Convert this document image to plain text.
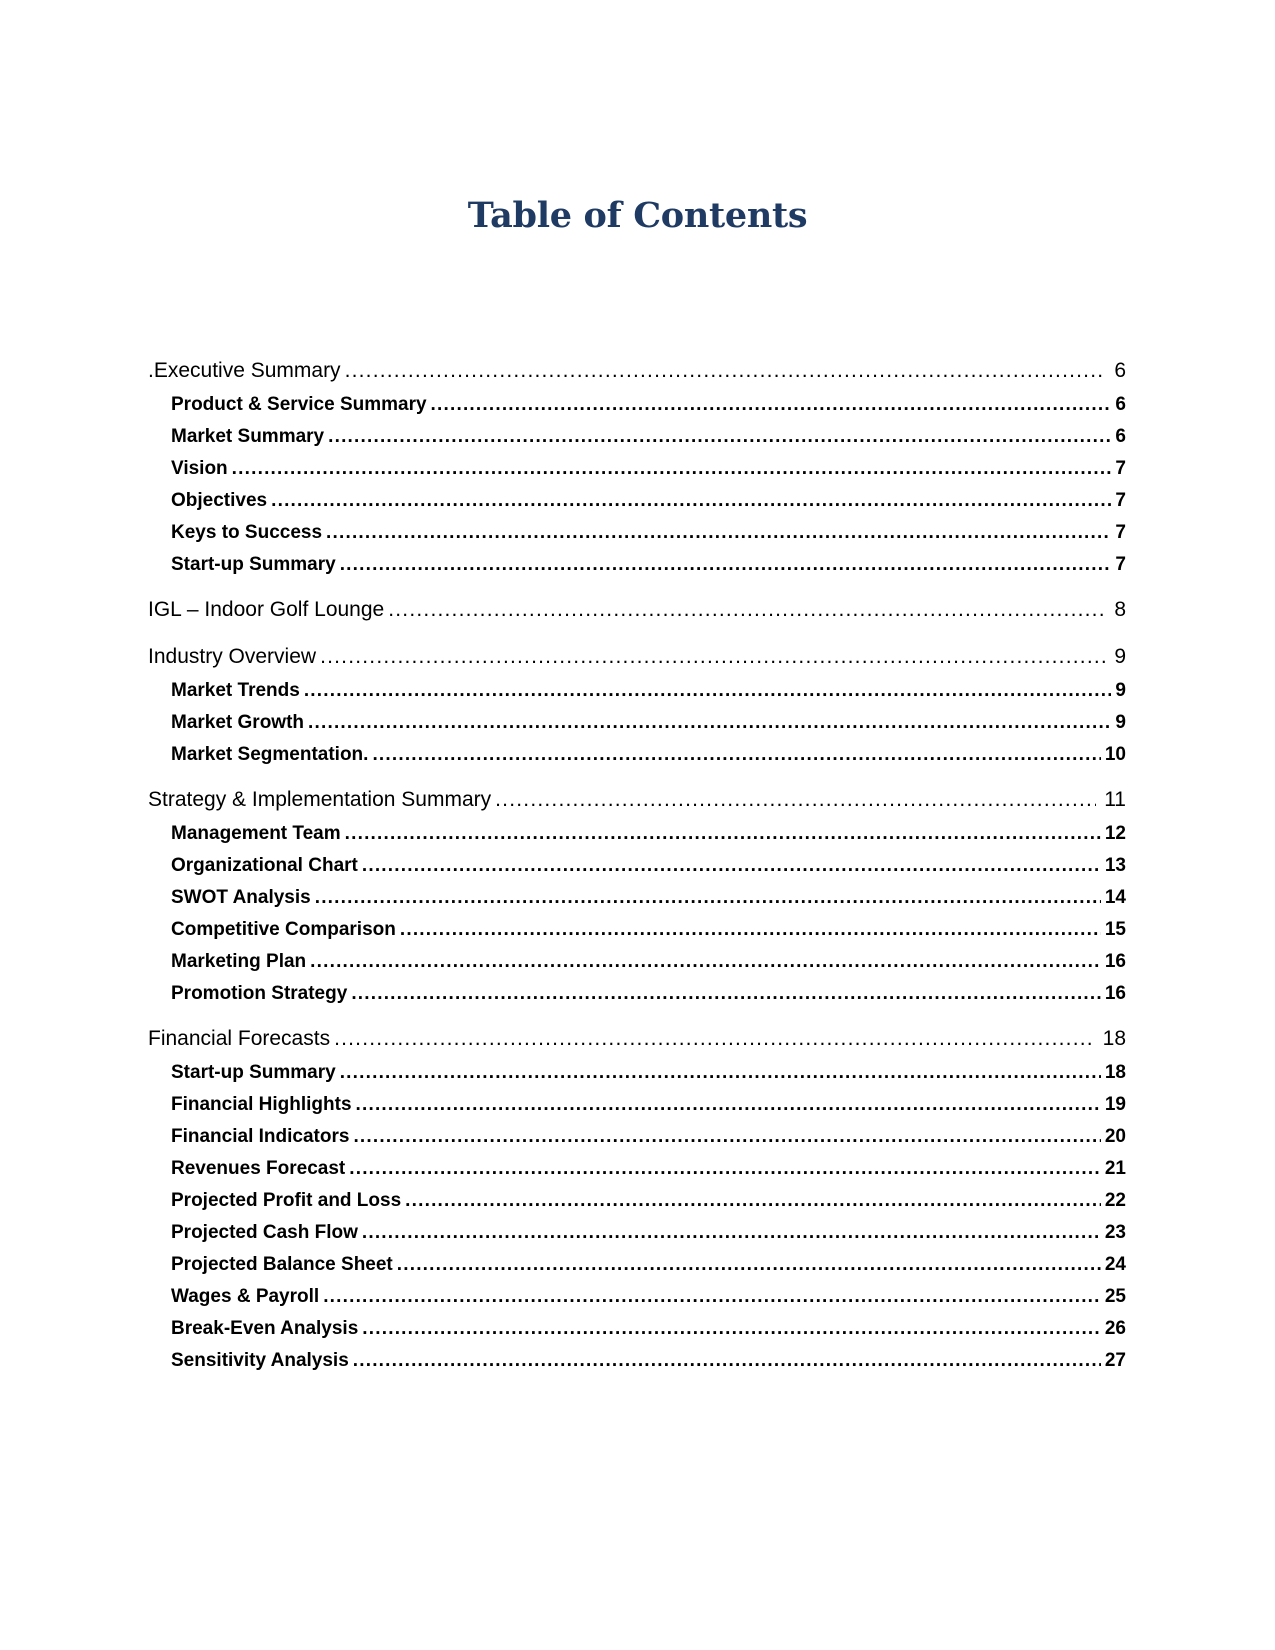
Table of Contents
.Executive Summary .....	6
Product & Service Summary .....	6
Market Summary .....	6
Vision .....	7
Objectives .....	7
Keys to Success .....	7
Start-up Summary .....	7
IGL – Indoor Golf Lounge .....	8
Industry Overview .....	9
Market Trends .....	9
Market Growth .....	9
Market Segmentation. .....	10
Strategy & Implementation Summary .....	11
Management Team .....	12
Organizational Chart .....	13
SWOT Analysis .....	14
Competitive Comparison .....	15
Marketing Plan .....	16
Promotion Strategy .....	16
Financial Forecasts .....	18
Start-up Summary .....	18
Financial Highlights .....	19
Financial Indicators .....	20
Revenues Forecast .....	21
Projected Profit and Loss .....	22
Projected Cash Flow .....	23
Projected Balance Sheet .....	24
Wages & Payroll .....	25
Break-Even Analysis .....	26
Sensitivity Analysis .....	27
